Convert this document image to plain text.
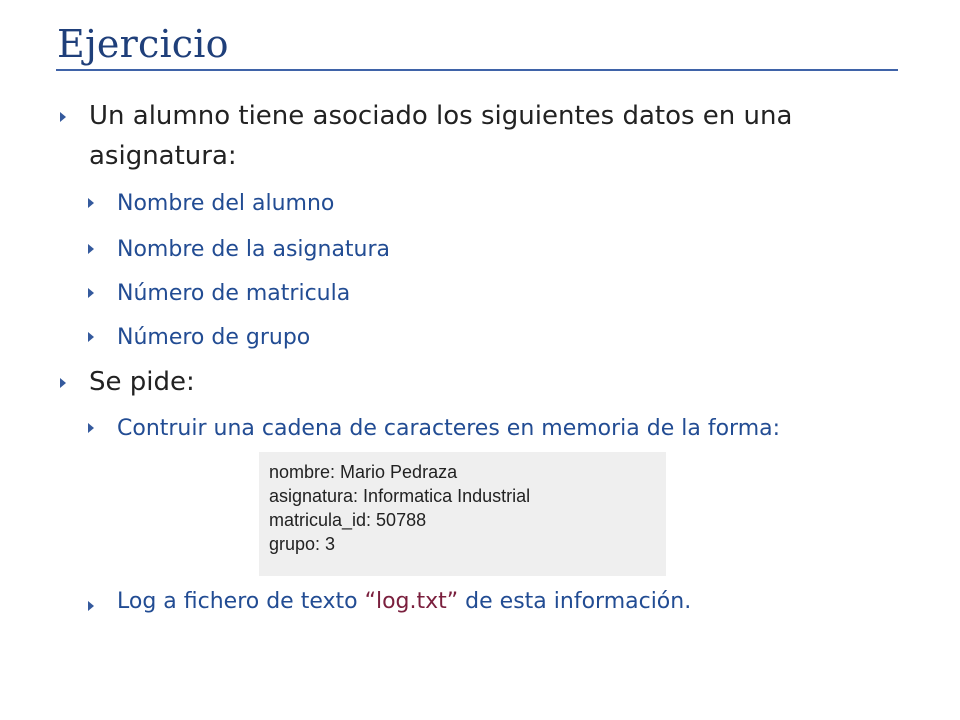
Ejercicio
Un alumno tiene asociado los siguientes datos en una
asignatura:
Nombre del alumno
Nombre de la asignatura
Número de matricula
Número de grupo
Se pide:
Contruir una cadena de caracteres en memoria de la forma:
nombre: Mario Pedraza
asignatura: Informatica Industrial
matricula_id: 50788
grupo: 3
Log a fichero de texto “log.txt” de esta información.
